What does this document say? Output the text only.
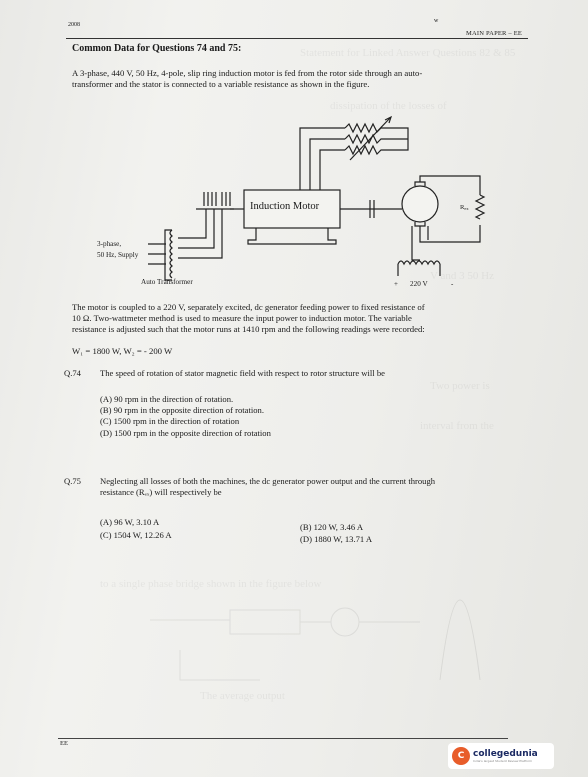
Statement for Linked Answer Questions 82 & 85
dissipation of the losses of
V and 3 50 Hz
Two power is
interval from the
to a single phase bridge shown in the figure below
The average output
2008
w
MAIN PAPER – EE
Common Data for Questions 74 and 75:
A 3-phase, 440 V, 50 Hz, 4-pole, slip ring induction motor is fed from the rotor side through an auto-
transformer and the stator is connected to a variable resistance as shown in the figure.
Induction Motor
3-phase,
50 Hz, Supply
Auto Transformer	+ 220 V	-
Rex
The motor is coupled to a 220 V, separately excited, dc generator feeding power to fixed resistance of
10 Ω. Two-wattmeter method is used to measure the input power to induction motor. The variable
resistance is adjusted such that the motor runs at 1410 rpm and the following readings were recorded:
W₁ = 1800 W, W₂ = - 200 W
Q.74 The speed of rotation of stator magnetic field with respect to rotor structure will be
(A) 90 rpm in the direction of rotation.
(B) 90 rpm in the opposite direction of rotation.
(C) 1500 rpm in the direction of rotation
(D) 1500 rpm in the opposite direction of rotation
Q.75 Neglecting all losses of both the machines, the dc generator power output and the current through
resistance (Rₑₓ) will respectively be
(A) 96 W, 3.10 A	(B) 120 W, 3.46 A
(C) 1504 W, 12.26 A	(D) 1880 W, 13.71 A
EE
C collegedunia
India's largest Student Review Platform
